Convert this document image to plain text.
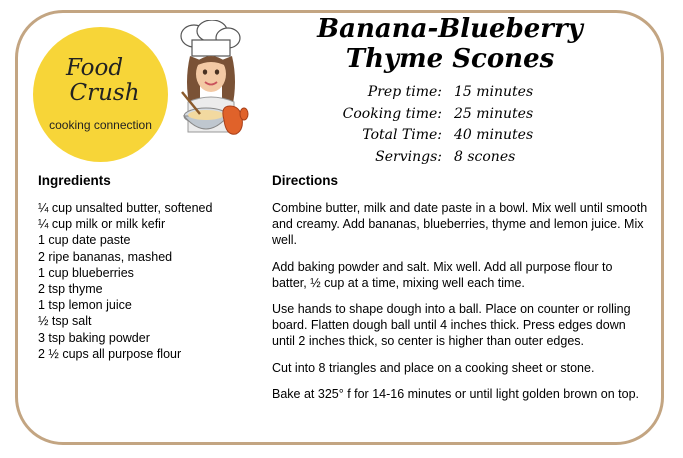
Food
Crush
cooking connection
Banana-Blueberry
Thyme Scones
Prep time: 15 minutes
Cooking time: 25 minutes
Total Time: 40 minutes
Servings: 8 scones
Ingredients
¼ cup unsalted butter, softened
¼ cup milk or milk kefir
1 cup date paste
2 ripe bananas, mashed
1 cup blueberries
2 tsp thyme
1 tsp lemon juice
½ tsp salt
3 tsp baking powder
2 ½ cups all purpose flour
Directions

Combine butter, milk and date paste in a bowl. Mix well until smooth and creamy. Add bananas, blueberries, thyme and lemon juice. Mix well.

Add baking powder and salt. Mix well. Add all purpose flour to batter, ½ cup at a time, mixing well each time.

Use hands to shape dough into a ball. Place on counter or rolling board. Flatten dough ball until 4 inches thick. Press edges down until 2 inches thick, so center is higher than outer edges.

Cut into 8 triangles and place on a cooking sheet or stone.

Bake at 325° f for 14-16 minutes or until light golden brown on top.
